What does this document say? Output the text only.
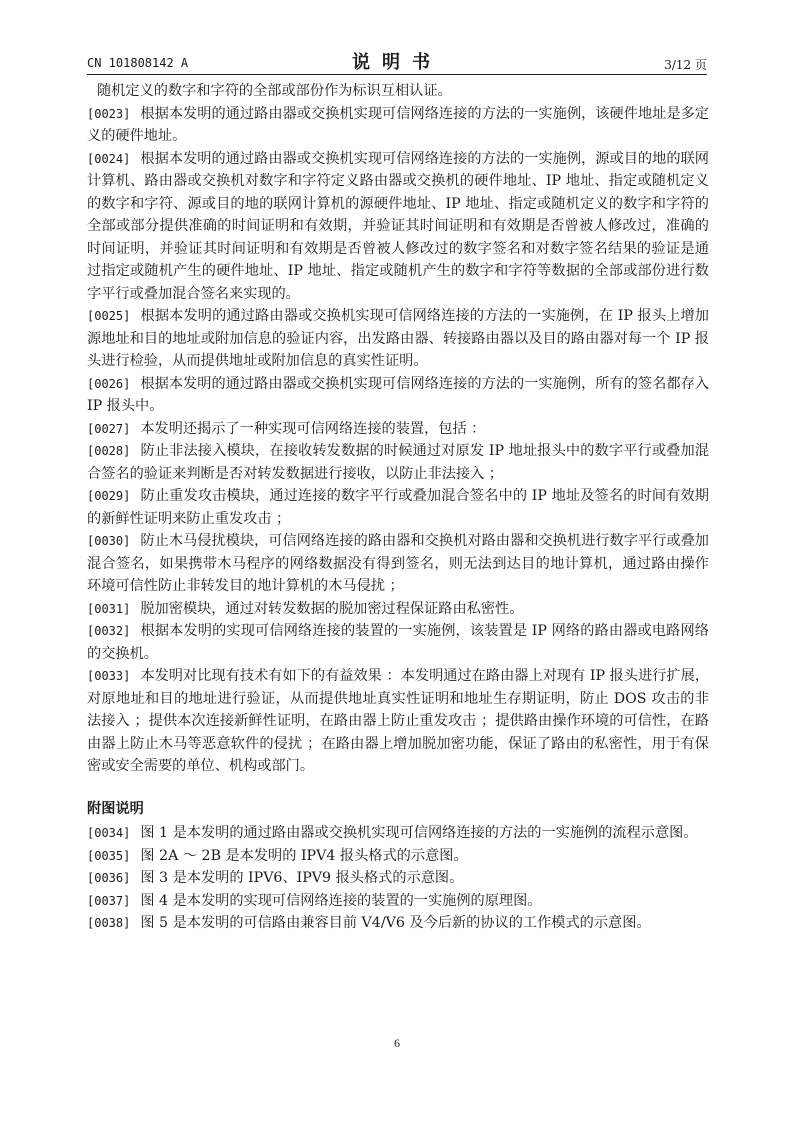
CN 101808142 A	说明书	3/12 页

随机定义的数字和字符的全部或部份作为标识互相认证。

[0023] 根据本发明的通过路由器或交换机实现可信网络连接的方法的一实施例，该硬件地址是多定义的硬件地址。

[0024] 根据本发明的通过路由器或交换机实现可信网络连接的方法的一实施例，源或目的地的联网计算机、路由器或交换机对数字和字符定义路由器或交换机的硬件地址、IP 地址、指定或随机定义的数字和字符、源或目的地的联网计算机的源硬件地址、IP 地址、指定或随机定义的数字和字符的全部或部分提供准确的时间证明和有效期，并验证其时间证明和有效期是否曾被人修改过，准确的时间证明，并验证其时间证明和有效期是否曾被人修改过的数字签名和对数字签名结果的验证是通过指定或随机产生的硬件地址、IP 地址、指定或随机产生的数字和字符等数据的全部或部份进行数字平行或叠加混合签名来实现的。

[0025] 根据本发明的通过路由器或交换机实现可信网络连接的方法的一实施例，在 IP 报头上增加源地址和目的地址或附加信息的验证内容，出发路由器、转接路由器以及目的路由器对每一个 IP 报头进行检验，从而提供地址或附加信息的真实性证明。

[0026] 根据本发明的通过路由器或交换机实现可信网络连接的方法的一实施例，所有的签名都存入 IP 报头中。

[0027] 本发明还揭示了一种实现可信网络连接的装置，包括 ：

[0028] 防止非法接入模块，在接收转发数据的时候通过对原发 IP 地址报头中的数字平行或叠加混合签名的验证来判断是否对转发数据进行接收，以防止非法接入 ；

[0029] 防止重发攻击模块，通过连接的数字平行或叠加混合签名中的 IP 地址及签名的时间有效期的新鲜性证明来防止重发攻击 ；

[0030] 防止木马侵扰模块，可信网络连接的路由器和交换机对路由器和交换机进行数字平行或叠加混合签名，如果携带木马程序的网络数据没有得到签名，则无法到达目的地计算机，通过路由操作环境可信性防止非转发目的地计算机的木马侵扰 ；

[0031] 脱加密模块，通过对转发数据的脱加密过程保证路由私密性。

[0032] 根据本发明的实现可信网络连接的装置的一实施例，该装置是 IP 网络的路由器或电路网络的交换机。

[0033] 本发明对比现有技术有如下的有益效果 ：本发明通过在路由器上对现有 IP 报头进行扩展，对原地址和目的地址进行验证，从而提供地址真实性证明和地址生存期证明，防止 DOS 攻击的非法接入 ；提供本次连接新鲜性证明，在路由器上防止重发攻击 ；提供路由操作环境的可信性，在路由器上防止木马等恶意软件的侵扰 ；在路由器上增加脱加密功能，保证了路由的私密性，用于有保密或安全需要的单位、机构或部门。

附图说明

[0034] 图 1 是本发明的通过路由器或交换机实现可信网络连接的方法的一实施例的流程示意图。

[0035] 图 2A ～ 2B 是本发明的 IPV4 报头格式的示意图。

[0036] 图 3 是本发明的 IPV6、IPV9 报头格式的示意图。

[0037] 图 4 是本发明的实现可信网络连接的装置的一实施例的原理图。

[0038] 图 5 是本发明的可信路由兼容目前 V4/V6 及今后新的协议的工作模式的示意图。

6
